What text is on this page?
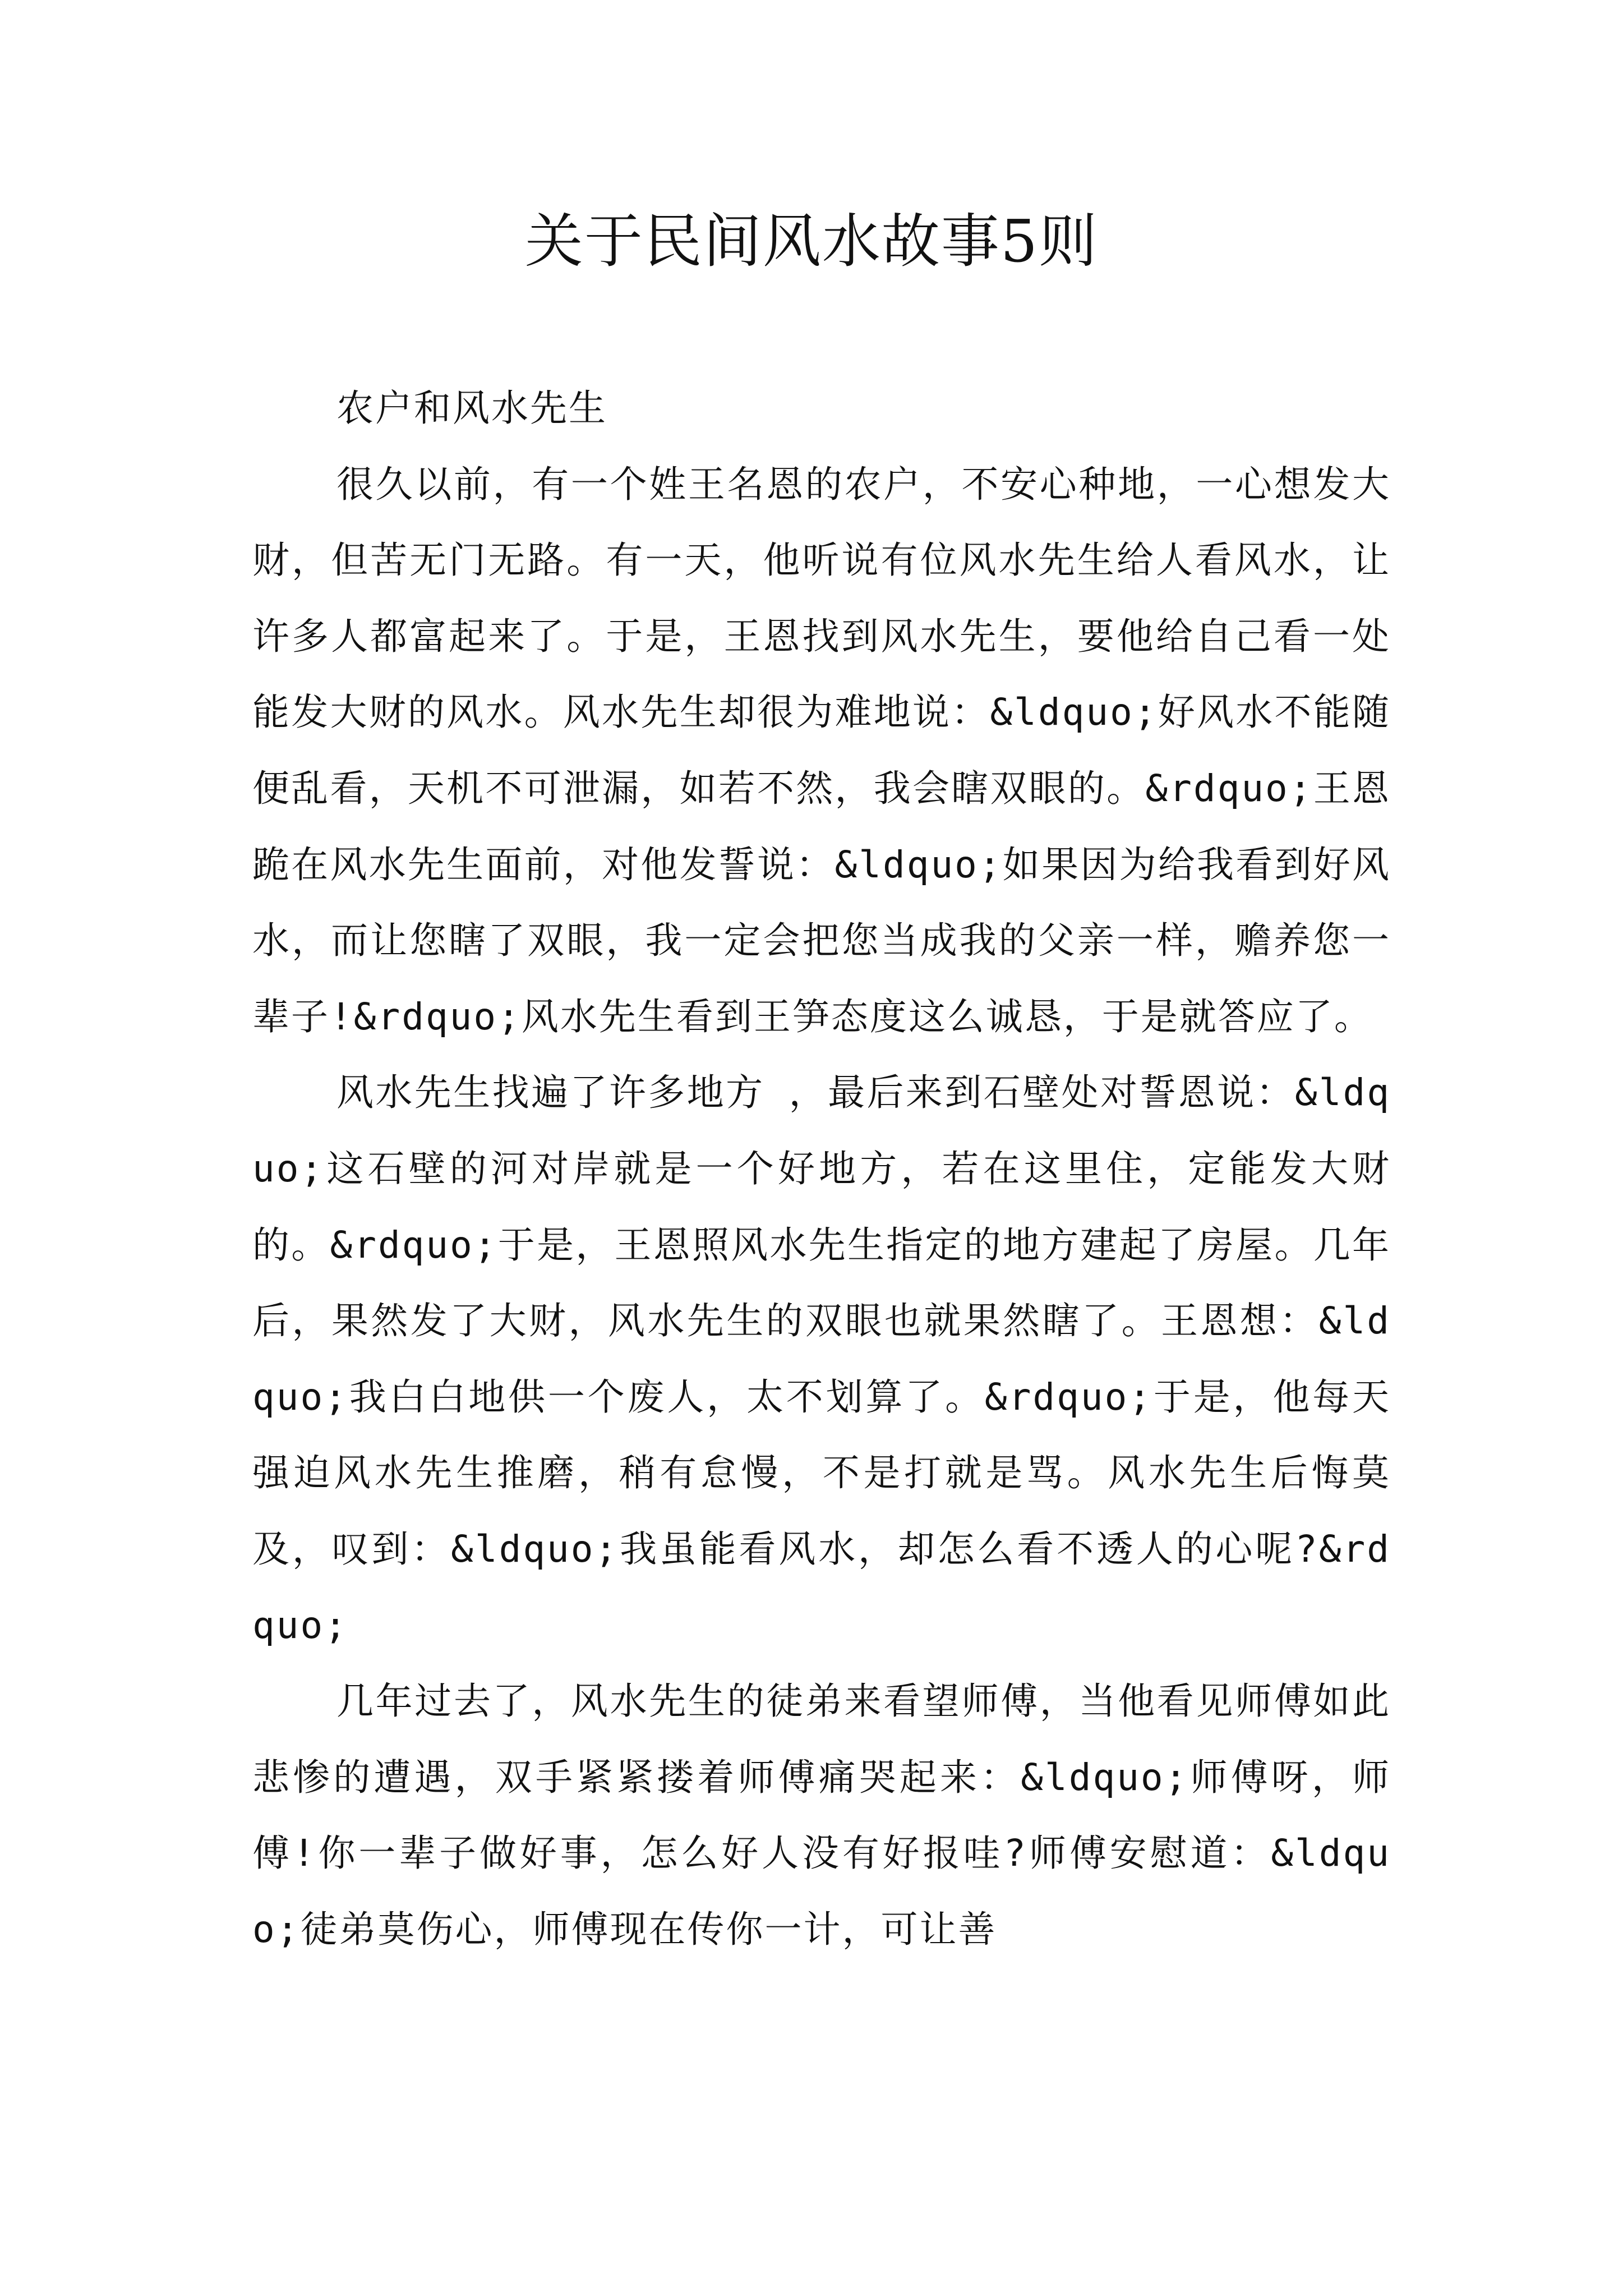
关于民间风水故事5则

农户和风水先生

很久以前，有一个姓王名恩的农户，不安心种地，一心想发大财，但苦无门无路。有一天，他听说有位风水先生给人看风水，让许多人都富起来了。于是，王恩找到风水先生，要他给自己看一处能发大财的风水。风水先生却很为难地说：&ldquo;好风水不能随便乱看，天机不可泄漏，如若不然，我会瞎双眼的。&rdquo;王恩跪在风水先生面前，对他发誓说：&ldquo;如果因为给我看到好风水，而让您瞎了双眼，我一定会把您当成我的父亲一样，赡养您一辈子!&rdquo;风水先生看到王笋态度这么诚恳，于是就答应了。

风水先生找遍了许多地方 ，最后来到石壁处对誓恩说：&ldquo;这石壁的河对岸就是一个好地方，若在这里住，定能发大财的。&rdquo;于是，王恩照风水先生指定的地方建起了房屋。几年后，果然发了大财，风水先生的双眼也就果然瞎了。王恩想：&ldquo;我白白地供一个废人，太不划算了。&rdquo;于是，他每天强迫风水先生推磨，稍有怠慢，不是打就是骂。风水先生后悔莫及，叹到：&ldquo;我虽能看风水，却怎么看不透人的心呢?&rdquo;

几年过去了，风水先生的徒弟来看望师傅，当他看见师傅如此悲惨的遭遇，双手紧紧搂着师傅痛哭起来：&ldquo;师傅呀，师傅!你一辈子做好事，怎么好人没有好报哇?师傅安慰道：&ldquo;徒弟莫伤心，师傅现在传你一计，可让善
